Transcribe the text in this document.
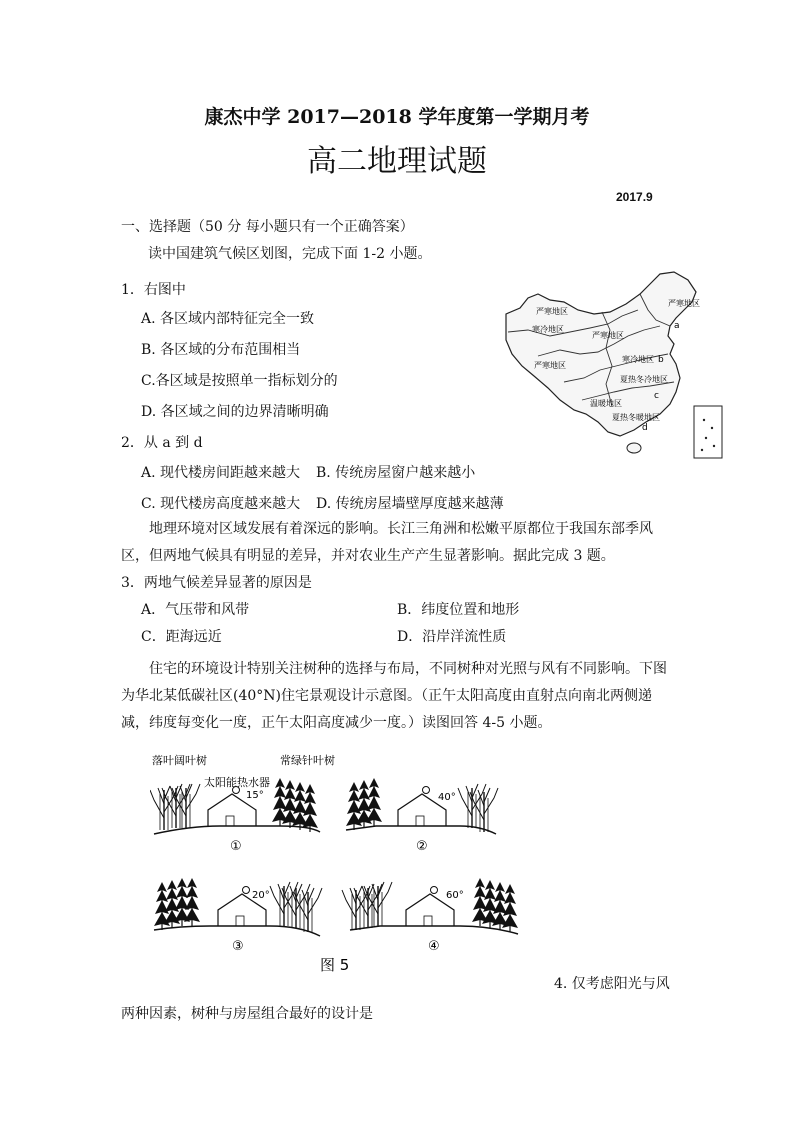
康杰中学 2017—2018 学年度第一学期月考
高二地理试题
2017.9
一、选择题（50 分 每小题只有一个正确答案）
读中国建筑气候区划图，完成下面 1-2 小题。
1．右图中
A. 各区域内部特征完全一致
B. 各区域的分布范围相当
C.各区域是按照单一指标划分的
D. 各区域之间的边界清晰明确
2．从 a 到 d
A. 现代楼房间距越来越大 B. 传统房屋窗户越来越小
C. 现代楼房高度越来越大 D. 传统房屋墙壁厚度越来越薄
地理环境对区域发展有着深远的影响。长江三角洲和松嫩平原都位于我国东部季风区，但两地气候具有明显的差异，并对农业生产产生显著影响。据此完成 3 题。
3．两地气候差异显著的原因是
A．气压带和风带	B．纬度位置和地形
C．距海远近	D．沿岸洋流性质
住宅的环境设计特别关注树种的选择与布局，不同树种对光照与风有不同影响。下图为华北某低碳社区(40°N)住宅景观设计示意图。（正午太阳高度由直射点向南北两侧递减，纬度每变化一度，正午太阳高度减少一度。）读图回答 4-5 小题。
4. 仅考虑阳光与风
两种因素，树种与房屋组合最好的设计是
严寒地区
寒冷地区
严寒地区
严寒地区
严寒地区
寒冷地区
夏热冬冷地区
温暖地区
夏热冬暖地区
a
b
c
d
落叶阔叶树	常绿针叶树
太阳能热水器
15°
①
40°
②
20°
③
60°
④
图 5
